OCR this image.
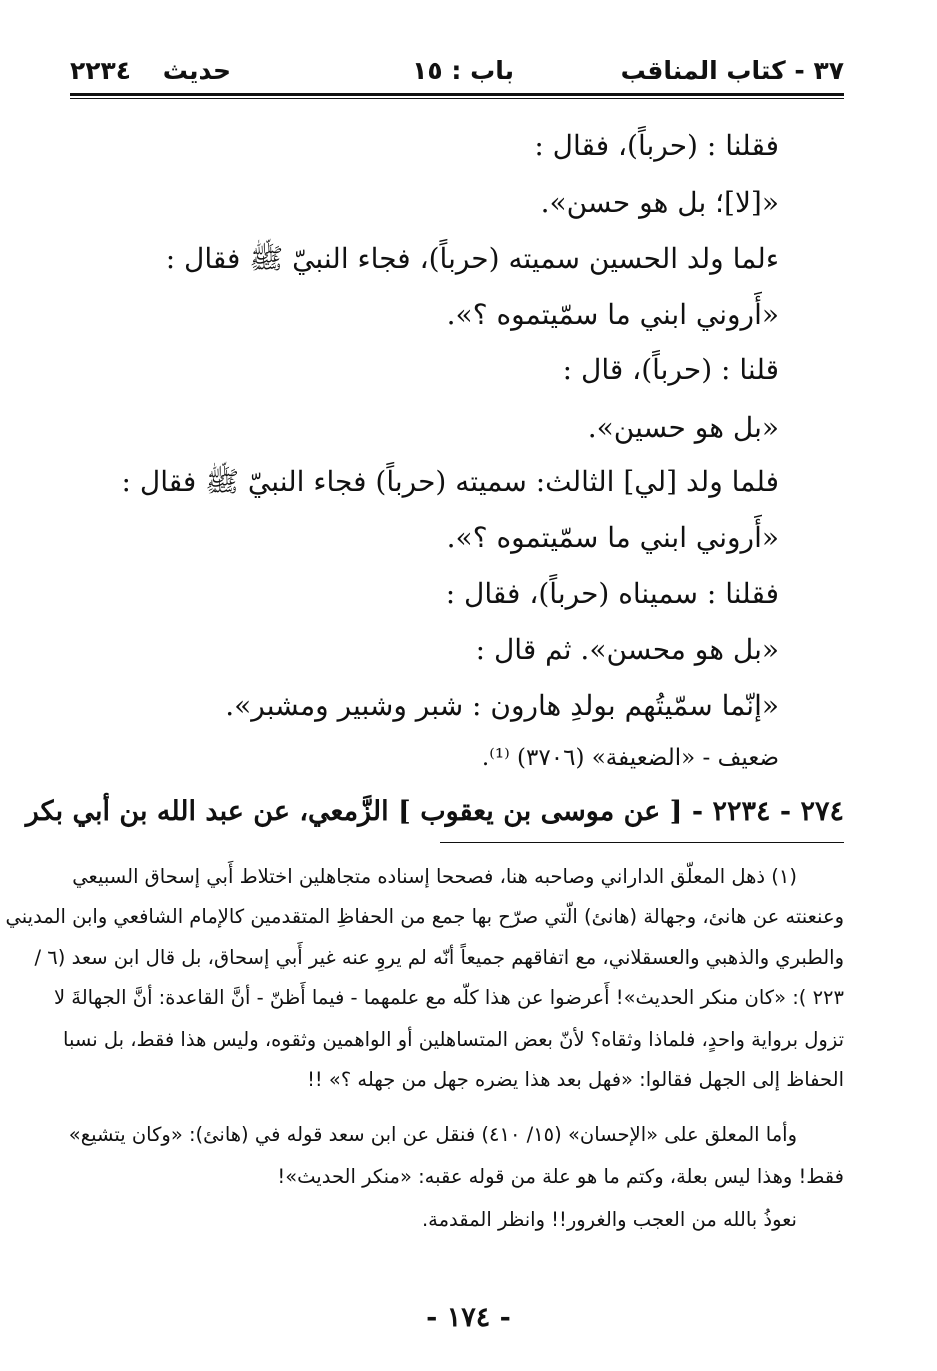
٣٧ - كتاب المناقب
باب : ١٥
حديث
٢٢٣٤
فقلنا : (حرباً)، فقال :
«[لا]؛ بل هو حسن».
ءلما ولد الحسين سميته (حرباً)، فجاء النبيّ ﷺ فقال :
«أَروني ابني ما سمّيتموه ؟».
قلنا : (حرباً)، قال :
«بل هو حسين».
فلما ولد [لي] الثالث: سميته (حرباً) فجاء النبيّ ﷺ فقال :
«أَروني ابني ما سمّيتموه ؟».
فقلنا : سميناه (حرباً)، فقال :
«بل هو محسن». ثم قال :
«إنّما سمّيتُهم بولدِ هارون : شبر وشبير ومشبر».
ضعيف - «الضعيفة» (٣٧٠٦) ⁽¹⁾.
٢٧٤ - ٢٢٣٤ - [ عن موسى بن يعقوب ] الزَّمعي، عن عبد الله بن أبي بكر
(١) ذهل المعلّق الداراني وصاحبه هنا، فصححا إسناده متجاهلين اختلاط أَبي إسحاق السبيعي
وعنعنته عن هانئ، وجهالة (هانئ) الّتي صرّح بها جمع من الحفاظِ المتقدمين كالإمام الشافعي وابن المديني
والطبري والذهبي والعسقلاني، مع اتفاقهم جميعاً أنّه لم يروِ عنه غير أَبي إسحاق، بل قال ابن سعد (٦ /
٢٢٣ ): «كان منكر الحديث»! أَعرضوا عن هذا كلّه مع علمهما - فيما أَظنّ - أنَّ القاعدة: أنَّ الجهالةَ لا
تزول برواية واحدٍ، فلماذا وثقاه؟ لأنّ بعض المتساهلين أو الواهمين وثقوه، وليس هذا فقط، بل نسبا
الحفاظ إلى الجهل فقالوا: «فهل بعد هذا يضره جهل من جهله ؟» !!
وأما المعلق على «الإحسان» (١٥/ ٤١٠) فنقل عن ابن سعد قوله في (هانئ): «وكان يتشيع»
فقط! وهذا ليس بعلة، وكتم ما هو علة من قوله عقبه: «منكر الحديث»!
نعوذُ بالله من العجب والغرور!! وانظر المقدمة.
- ١٧٤ -
